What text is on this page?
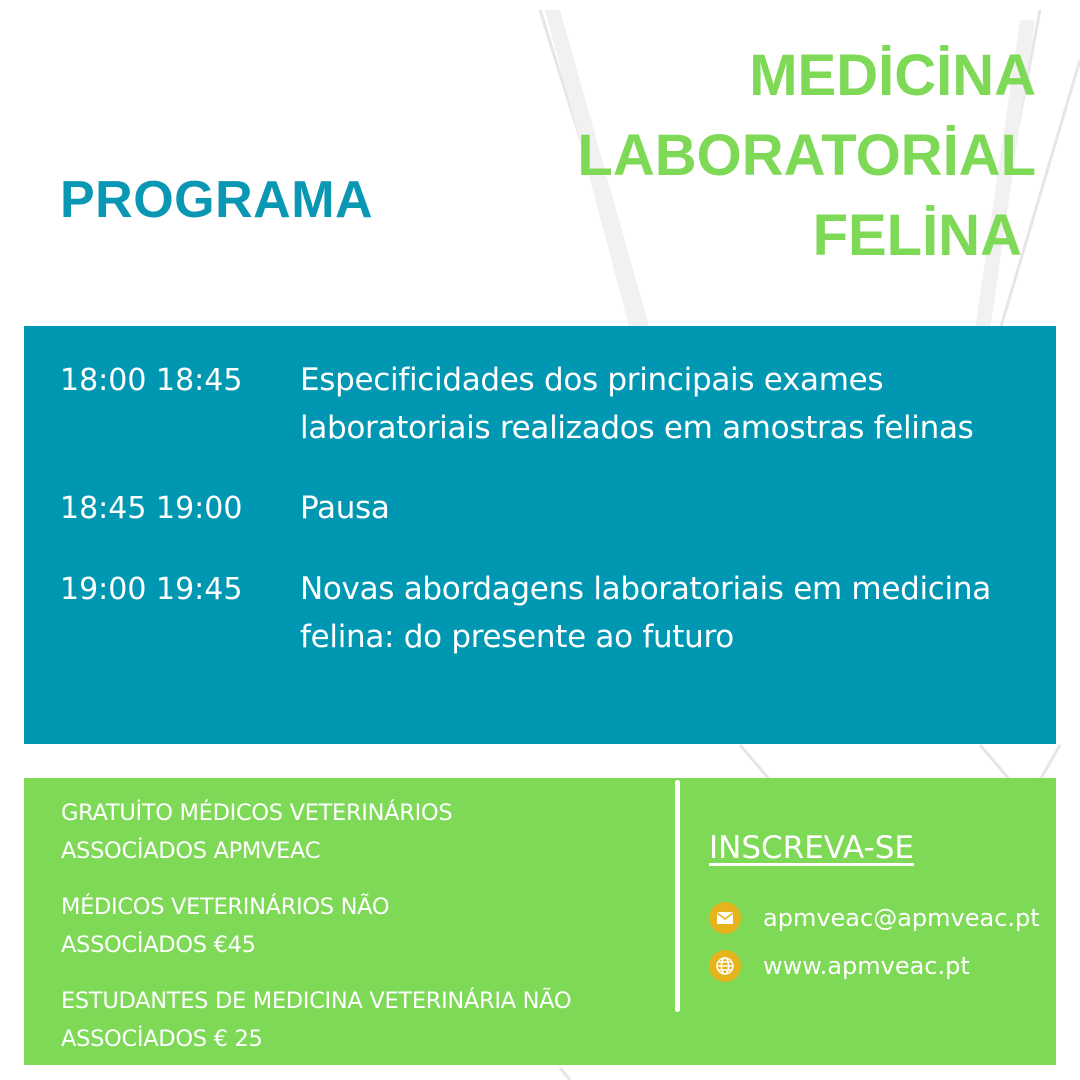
PROGRAMA
MEDİCİNA
LABORATORİAL
FELİNA
18:00 18:45	Especificidades dos principais exames laboratoriais realizados em amostras felinas
18:45 19:00	Pausa
19:00 19:45	Novas abordagens laboratoriais em medicina felina: do presente ao futuro
GRATUİTO MÉDICOS VETERINÁRIOS
ASSOCİADOS APMVEAC
MÉDICOS VETERINÁRIOS NÃO
ASSOCİADOS €45
ESTUDANTES DE MEDICINA VETERINÁRIA NÃO
ASSOCİADOS € 25
INSCREVA-SE
apmveac@apmveac.pt
www.apmveac.pt
